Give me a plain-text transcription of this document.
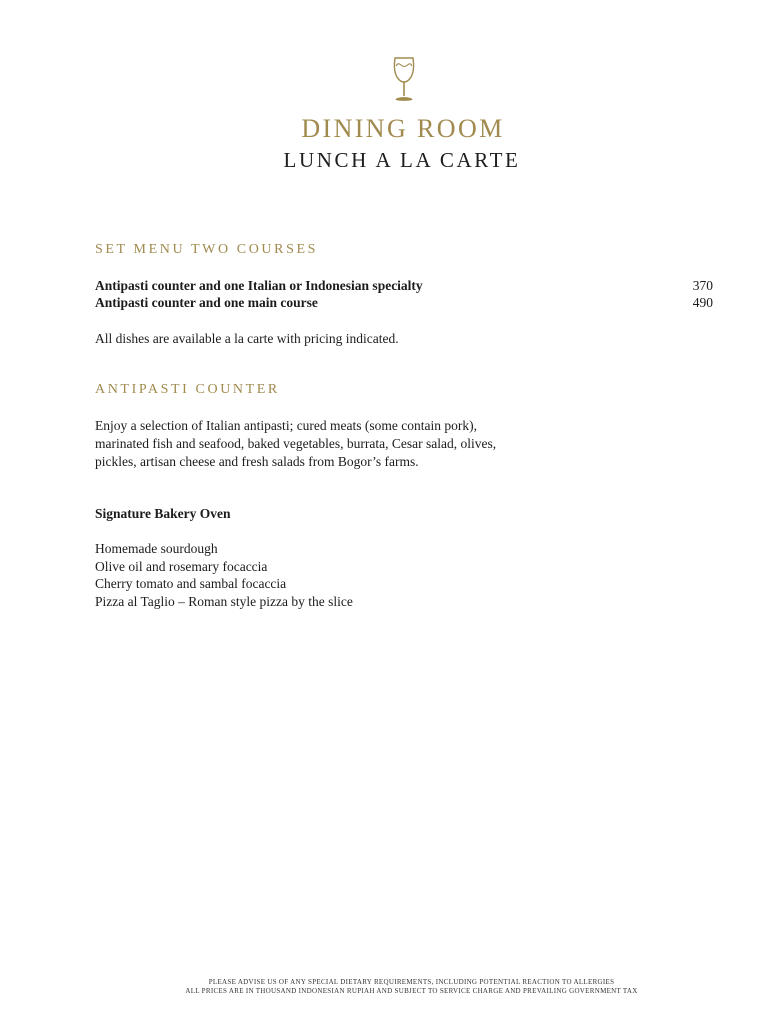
DINING ROOM
LUNCH A LA CARTE
SET MENU TWO COURSES
Antipasti counter and one Italian or Indonesian specialty	370
Antipasti counter and one main course	490
All dishes are available a la carte with pricing indicated.
ANTIPASTI COUNTER
Enjoy a selection of Italian antipasti; cured meats (some contain pork),
marinated fish and seafood, baked vegetables, burrata, Cesar salad, olives,
pickles, artisan cheese and fresh salads from Bogor’s farms.
Signature Bakery Oven
Homemade sourdough
Olive oil and rosemary focaccia
Cherry tomato and sambal focaccia
Pizza al Taglio – Roman style pizza by the slice
PLEASE ADVISE US OF ANY SPECIAL DIETARY REQUIREMENTS, INCLUDING POTENTIAL REACTION TO ALLERGIES
ALL PRICES ARE IN THOUSAND INDONESIAN RUPIAH AND SUBJECT TO SERVICE CHARGE AND PREVAILING GOVERNMENT TAX
